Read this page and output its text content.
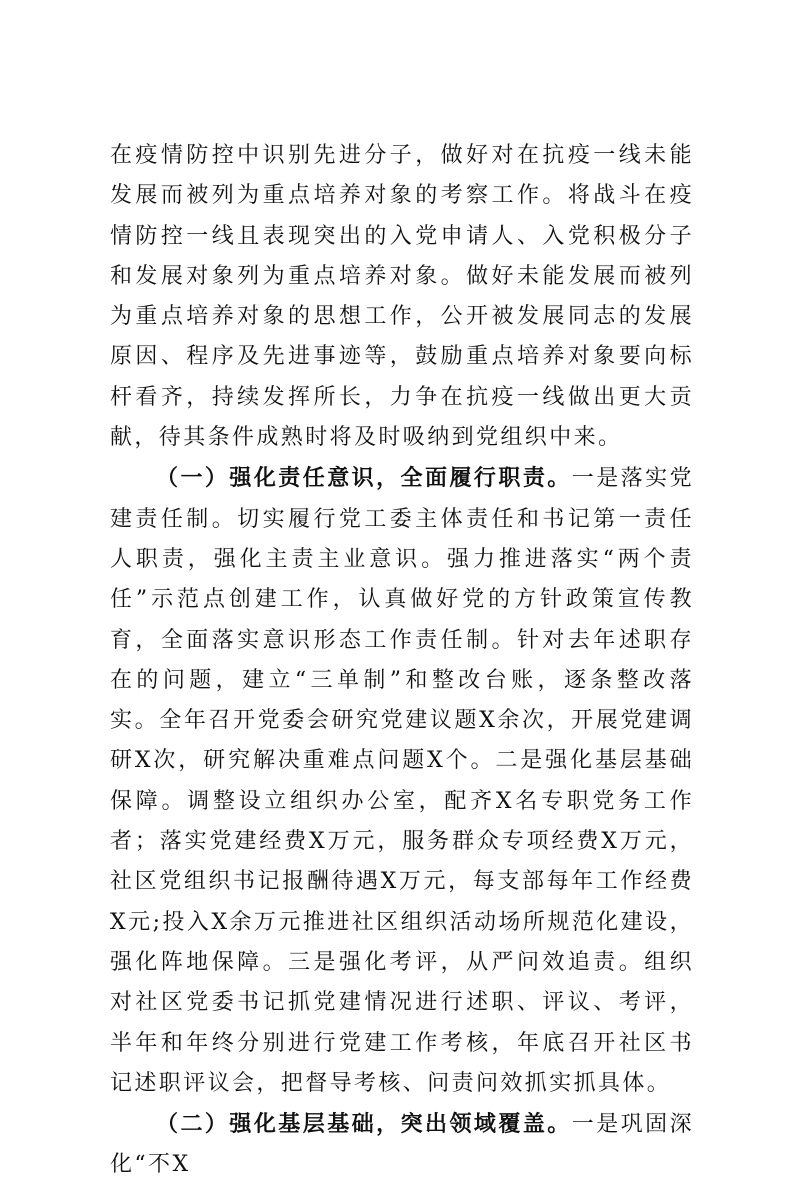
在疫情防控中识别先进分子，做好对在抗疫一线未能发展而被列为重点培养对象的考察工作。将战斗在疫情防控一线且表现突出的入党申请人、入党积极分子和发展对象列为重点培养对象。做好未能发展而被列为重点培养对象的思想工作，公开被发展同志的发展原因、程序及先进事迹等，鼓励重点培养对象要向标杆看齐，持续发挥所长，力争在抗疫一线做出更大贡献，待其条件成熟时将及时吸纳到党组织中来。

（一）强化责任意识，全面履行职责。一是落实党建责任制。切实履行党工委主体责任和书记第一责任人职责，强化主责主业意识。强力推进落实“两个责任”示范点创建工作，认真做好党的方针政策宣传教育，全面落实意识形态工作责任制。针对去年述职存在的问题，建立“三单制”和整改台账，逐条整改落实。全年召开党委会研究党建议题X余次，开展党建调研X次，研究解决重难点问题X个。二是强化基层基础保障。调整设立组织办公室，配齐X名专职党务工作者；落实党建经费X万元，服务群众专项经费X万元，社区党组织书记报酬待遇X万元，每支部每年工作经费X元;投入X余万元推进社区组织活动场所规范化建设，强化阵地保障。三是强化考评，从严问效追责。组织对社区党委书记抓党建情况进行述职、评议、考评，半年和年终分别进行党建工作考核，年底召开社区书记述职评议会，把督导考核、问责问效抓实抓具体。

（二）强化基层基础，突出领域覆盖。一是巩固深化“不X
